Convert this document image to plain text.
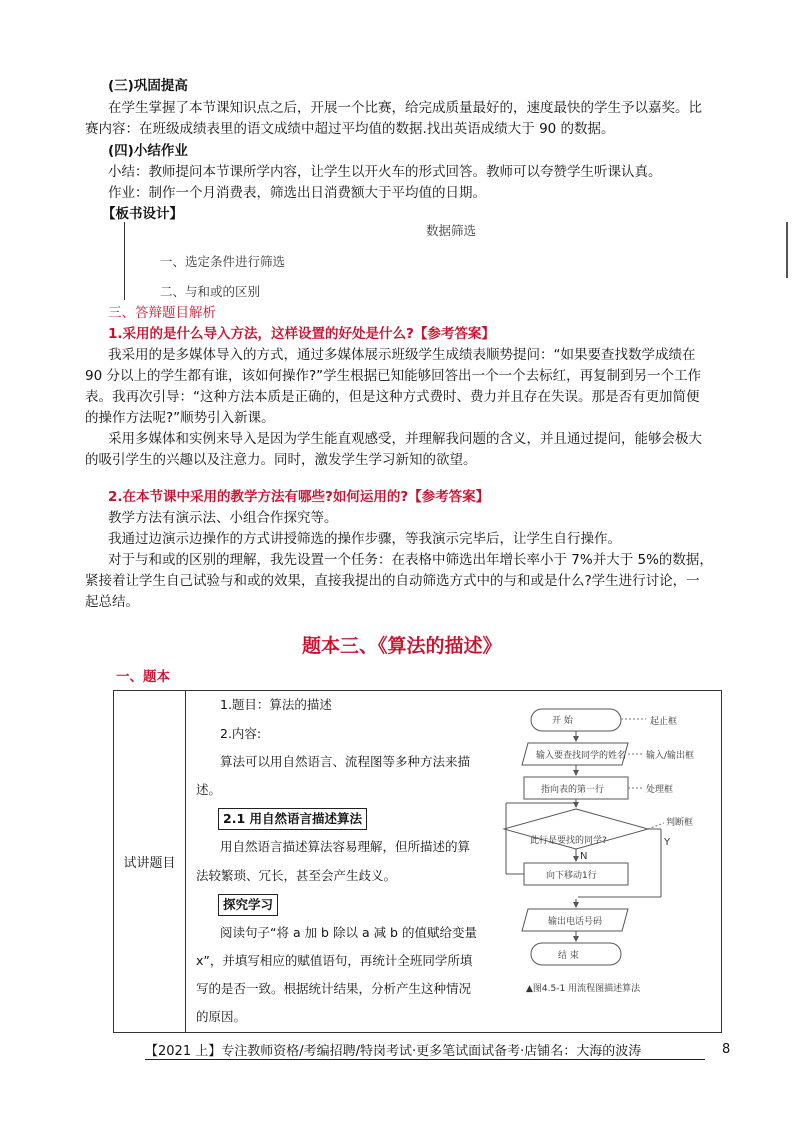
(三)巩固提高
在学生掌握了本节课知识点之后，开展一个比赛，给完成质量最好的，速度最快的学生予以嘉奖。比
赛内容：在班级成绩表里的语文成绩中超过平均值的数据.找出英语成绩大于 90 的数据。
(四)小结作业
小结：教师提问本节课所学内容，让学生以开火车的形式回答。教师可以夸赞学生听课认真。
作业：制作一个月消费表，筛选出日消费额大于平均值的日期。
【板书设计】
数据筛选
一、选定条件进行筛选
二、与和或的区别
三、答辩题目解析
1.采用的是什么导入方法，这样设置的好处是什么?【参考答案】
我采用的是多媒体导入的方式，通过多媒体展示班级学生成绩表顺势提问：“如果要查找数学成绩在
90 分以上的学生都有谁，该如何操作?”学生根据已知能够回答出一个一个去标红，再复制到另一个工作
表。我再次引导：“这种方法本质是正确的，但是这种方式费时、费力并且存在失误。那是否有更加简便
的操作方法呢?”顺势引入新课。
采用多媒体和实例来导入是因为学生能直观感受，并理解我问题的含义，并且通过提问，能够会极大
的吸引学生的兴趣以及注意力。同时，激发学生学习新知的欲望。
2.在本节课中采用的教学方法有哪些?如何运用的?【参考答案】
教学方法有演示法、小组合作探究等。
我通过边演示边操作的方式讲授筛选的操作步骤，等我演示完毕后，让学生自行操作。
对于与和或的区别的理解，我先设置一个任务：在表格中筛选出年增长率小于 7%并大于 5%的数据，
紧接着让学生自己试验与和或的效果，直接我提出的自动筛选方式中的与和或是什么?学生进行讨论，一
起总结。
题本三、《算法的描述》
一、题本
试讲题目	
1.题目：算法的描述
2.内容:
算法可以用自然语言、流程图等多种方法来描
述。
2.1 用自然语言描述算法
用自然语言描述算法容易理解，但所描述的算
法较繁琐、冗长，甚至会产生歧义。
探究学习
阅读句子“将 a 加 b 除以 a 减 b 的值赋给变量
x”，并填写相应的赋值语句，再统计全班同学所填
写的是否一致。根据统计结果，分析产生这种情况
的原因。
开 始	起止框
输入要查找同学的姓名 输入/输出框
指向表的第一行	处理框
此行是要找的同学?
判断框
Y
N
向下移动1行
输出电话号码
结 束
▲图4.5-1 用流程图描述算法
【2021 上】专注教师资格/考编招聘/特岗考试·更多笔试面试备考·店铺名：大海的波涛	8
